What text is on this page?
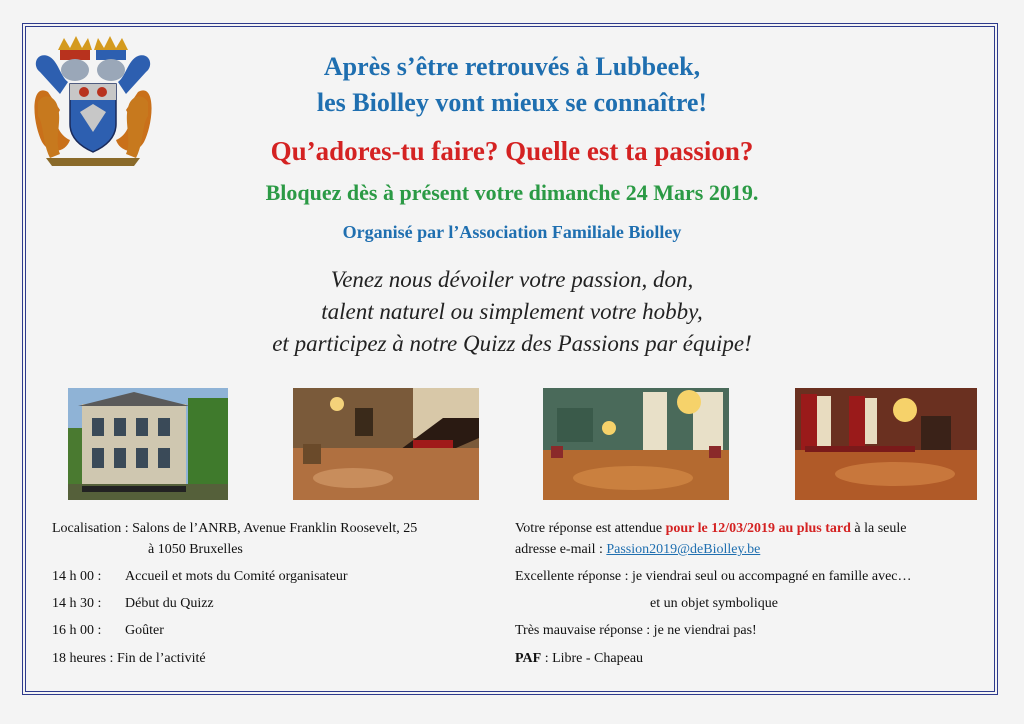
Après s’être retrouvés à Lubbeek,
les Biolley vont mieux se connaître!
Qu’adores-tu faire? Quelle est ta passion?
Bloquez dès à présent votre dimanche 24 Mars 2019.
Organisé par l’Association Familiale Biolley
Venez nous dévoiler votre passion, don,
talent naturel ou simplement votre hobby,
et participez à notre Quizz des Passions par équipe!
Localisation : Salons de l’ANRB, Avenue Franklin Roosevelt, 25
à 1050 Bruxelles
14 h 00 : Accueil et mots du Comité organisateur
14 h 30 : Début du Quizz
16 h 00 : Goûter
18 heures : Fin de l’activité
Votre réponse est attendue pour le 12/03/2019 au plus tard à la seule
adresse e-mail : Passion2019@deBiolley.be
Excellente réponse : je viendrai seul ou accompagné en famille avec…
et un objet symbolique
Très mauvaise réponse : je ne viendrai pas!
PAF : Libre - Chapeau
